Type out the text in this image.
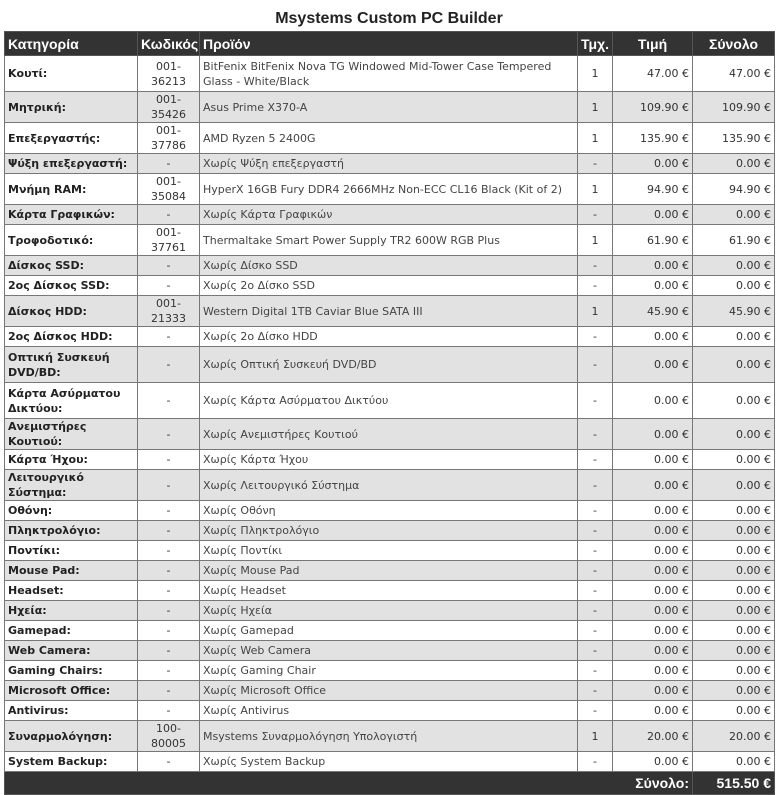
Msystems Custom PC Builder
Κατηγορία	Κωδικός	Προϊόν	Τμχ.	Τιμή	Σύνολο
Κουτί:	001-36213	BitFenix BitFenix Nova TG Windowed Mid-Tower Case Tempered Glass - White/Black	1	47.00 €	47.00 €
Μητρική:	001-35426	Asus Prime X370-A	1	109.90 €	109.90 €
Επεξεργαστής:	001-37786	AMD Ryzen 5 2400G	1	135.90 €	135.90 €
Ψύξη επεξεργαστή:	-	Χωρίς Ψύξη επεξεργαστή	-	0.00 €	0.00 €
Μνήμη RAM:	001-35084	HyperX 16GB Fury DDR4 2666MHz Non-ECC CL16 Black (Kit of 2)	1	94.90 €	94.90 €
Κάρτα Γραφικών:	-	Χωρίς Κάρτα Γραφικών	-	0.00 €	0.00 €
Τροφοδοτικό:	001-37761	Thermaltake Smart Power Supply TR2 600W RGB Plus	1	61.90 €	61.90 €
Δίσκος SSD:	-	Χωρίς Δίσκο SSD	-	0.00 €	0.00 €
2ος Δίσκος SSD:	-	Χωρίς 2ο Δίσκο SSD	-	0.00 €	0.00 €
Δίσκος HDD:	001-21333	Western Digital 1TB Caviar Blue SATA III	1	45.90 €	45.90 €
2ος Δίσκος HDD:	-	Χωρίς 2ο Δίσκο HDD	-	0.00 €	0.00 €
Οπτική Συσκευή DVD/BD:	-	Χωρίς Οπτική Συσκευή DVD/BD	-	0.00 €	0.00 €
Κάρτα Ασύρματου Δικτύου:	-	Χωρίς Κάρτα Ασύρματου Δικτύου	-	0.00 €	0.00 €
Ανεμιστήρες Κουτιού:	-	Χωρίς Ανεμιστήρες Κουτιού	-	0.00 €	0.00 €
Κάρτα Ήχου:	-	Χωρίς Κάρτα Ήχου	-	0.00 €	0.00 €
Λειτουργικό Σύστημα:	-	Χωρίς Λειτουργικό Σύστημα	-	0.00 €	0.00 €
Οθόνη:	-	Χωρίς Οθόνη	-	0.00 €	0.00 €
Πληκτρολόγιο:	-	Χωρίς Πληκτρολόγιο	-	0.00 €	0.00 €
Ποντίκι:	-	Χωρίς Ποντίκι	-	0.00 €	0.00 €
Mouse Pad:	-	Χωρίς Mouse Pad	-	0.00 €	0.00 €
Headset:	-	Χωρίς Headset	-	0.00 €	0.00 €
Ηχεία:	-	Χωρίς Ηχεία	-	0.00 €	0.00 €
Gamepad:	-	Χωρίς Gamepad	-	0.00 €	0.00 €
Web Camera:	-	Χωρίς Web Camera	-	0.00 €	0.00 €
Gaming Chairs:	-	Χωρίς Gaming Chair	-	0.00 €	0.00 €
Microsoft Office:	-	Χωρίς Microsoft Office	-	0.00 €	0.00 €
Antivirus:	-	Χωρίς Antivirus	-	0.00 €	0.00 €
Συναρμολόγηση:	100-80005	Msystems Συναρμολόγηση Υπολογιστή	1	20.00 €	20.00 €
System Backup:	-	Χωρίς System Backup	-	0.00 €	0.00 €
Σύνολο:					515.50 €
